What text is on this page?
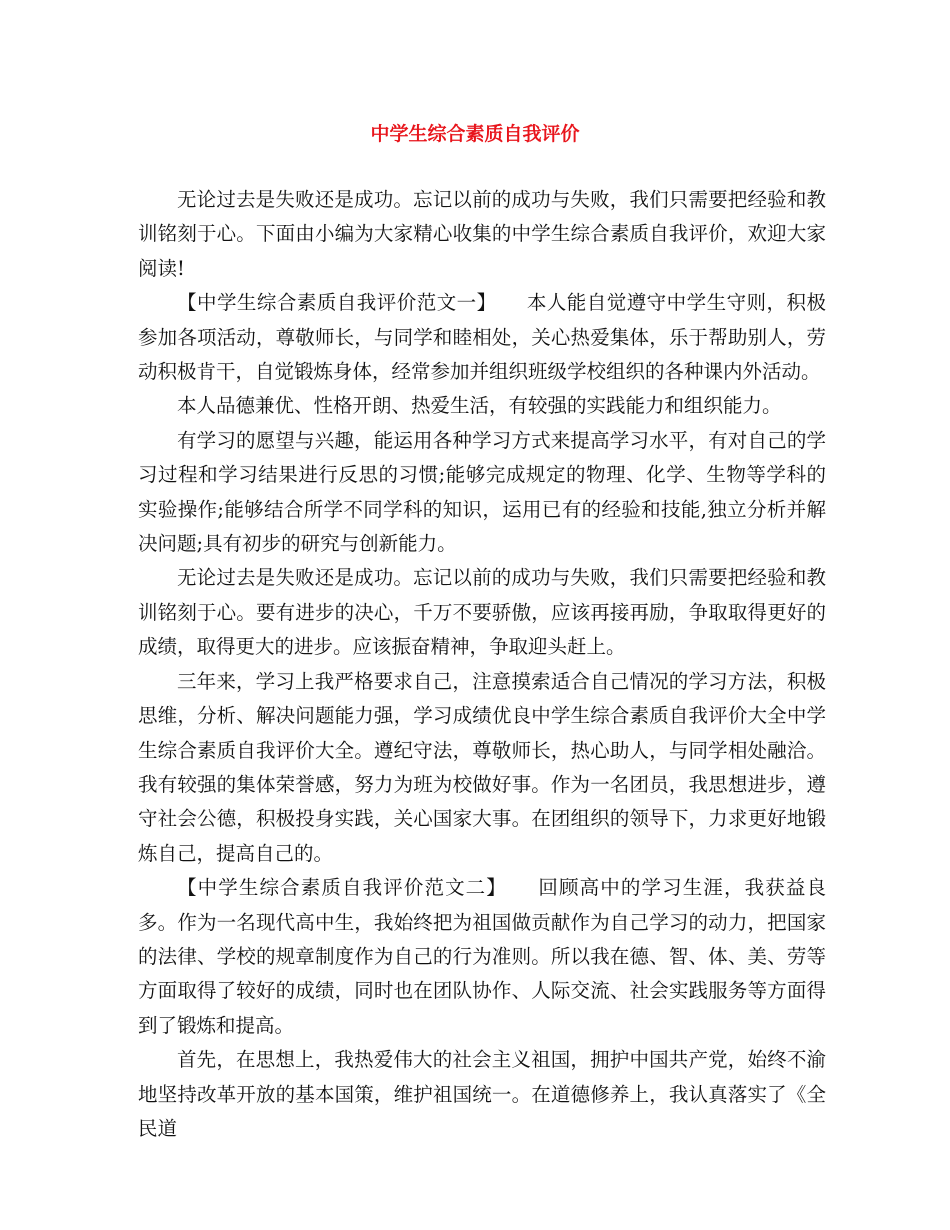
中学生综合素质自我评价

无论过去是失败还是成功。忘记以前的成功与失败，我们只需要把经验和教训铭刻于心。下面由小编为大家精心收集的中学生综合素质自我评价，欢迎大家阅读!

【中学生综合素质自我评价范文一】　　本人能自觉遵守中学生守则，积极参加各项活动，尊敬师长，与同学和睦相处，关心热爱集体，乐于帮助别人，劳动积极肯干，自觉锻炼身体，经常参加并组织班级学校组织的各种课内外活动。

本人品德兼优、性格开朗、热爱生活，有较强的实践能力和组织能力。

有学习的愿望与兴趣，能运用各种学习方式来提高学习水平，有对自己的学习过程和学习结果进行反思的习惯;能够完成规定的物理、化学、生物等学科的实验操作;能够结合所学不同学科的知识，运用已有的经验和技能,独立分析并解决问题;具有初步的研究与创新能力。

无论过去是失败还是成功。忘记以前的成功与失败，我们只需要把经验和教训铭刻于心。要有进步的决心，千万不要骄傲，应该再接再励，争取取得更好的成绩，取得更大的进步。应该振奋精神，争取迎头赶上。

三年来，学习上我严格要求自己，注意摸索适合自己情况的学习方法，积极思维，分析、解决问题能力强，学习成绩优良中学生综合素质自我评价大全中学生综合素质自我评价大全。遵纪守法，尊敬师长，热心助人，与同学相处融洽。我有较强的集体荣誉感，努力为班为校做好事。作为一名团员，我思想进步，遵守社会公德，积极投身实践，关心国家大事。在团组织的领导下，力求更好地锻炼自己，提高自己的。

【中学生综合素质自我评价范文二】　　回顾高中的学习生涯，我获益良多。作为一名现代高中生，我始终把为祖国做贡献作为自己学习的动力，把国家的法律、学校的规章制度作为自己的行为准则。所以我在德、智、体、美、劳等方面取得了较好的成绩，同时也在团队协作、人际交流、社会实践服务等方面得到了锻炼和提高。

首先，在思想上，我热爱伟大的社会主义祖国，拥护中国共产党，始终不渝地坚持改革开放的基本国策，维护祖国统一。在道德修养上，我认真落实了《全民道
